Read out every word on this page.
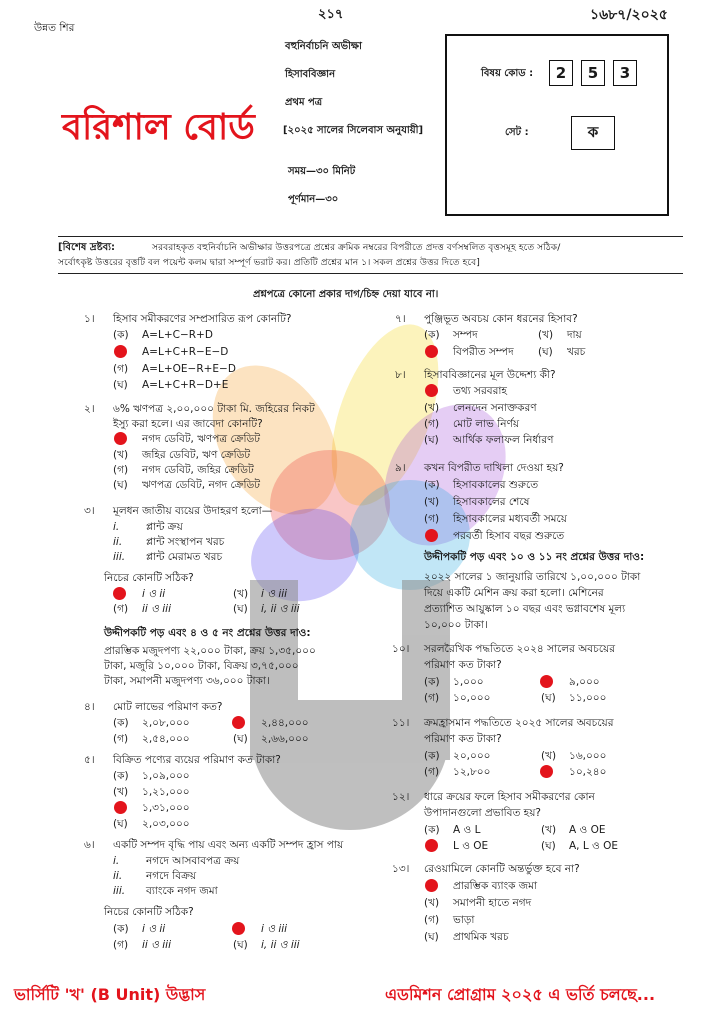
উন্নত শির
২১৭	১৬৮৭/২০২৫
বহুনির্বাচনি অভীক্ষা
হিসাববিজ্ঞান
প্রথম পত্র
[২০২৫ সালের সিলেবাস অনুযায়ী]
সময়—৩০ মিনিট
পূর্ণমান—৩০
বরিশাল বোর্ড
বিষয় কোড :	2	5	3
সেট :	ক
[বিশেষ দ্রষ্টব্য:	সরবরাহকৃত বহুনির্বাচনি অভীক্ষার উত্তরপত্রে প্রশ্নের ক্রমিক নম্বরের বিপরীতে প্রদত্ত বর্ণসম্বলিত বৃত্তসমূহ হতে সঠিক/
সর্বোৎকৃষ্ট উত্তরের বৃত্তটি বল পয়েন্ট কলম দ্বারা সম্পূর্ণ ভরাট কর। প্রতিটি প্রশ্নের মান ১। সকল প্রশ্নের উত্তর দিতে হবে]
প্রশ্নপত্রে কোনো প্রকার দাগ/চিহ্ন দেয়া যাবে না।
১। হিসাব সমীকরণের সম্প্রসারিত রূপ কোনটি?
(ক) A=L+C−R+D
A=L+C+R−E−D
(গ) A=L+OE−R+E−D
(ঘ) A=L+C+R−D+E
২। ৬% ঋণপত্র ২,০০,০০০ টাকা মি. জহিরের নিকট
ইস্যু করা হলে। এর জাবেদা কোনটি?
নগদ ডেবিট, ঋণপত্র ক্রেডিট
(খ) জহির ডেবিট, ঋণ ক্রেডিট
(গ) নগদ ডেবিট, জহির ক্রেডিট
(ঘ) ঋণপত্র ডেবিট, নগদ ক্রেডিট
৩। মূলধন জাতীয় ব্যয়ের উদাহরণ হলো—
i.	প্লান্ট ক্রয়
ii. প্লান্ট সংস্থাপন খরচ
iii. প্লান্ট মেরামত খরচ
নিচের কোনটি সঠিক?
i ও ii	(খ) i ও iii
(গ) ii ও iii	(ঘ) i, ii ও iii
উদ্দীপকটি পড় এবং ৪ ও ৫ নং প্রশ্নের উত্তর দাও:
প্রারম্ভিক মজুদপণ্য ২২,০০০ টাকা, ক্রয় ১,৩৫,০০০
টাকা, মজুরি ১০,০০০ টাকা, বিক্রয় ৩,৭৫,০০০
টাকা, সমাপনী মজুদপণ্য ৩৬,০০০ টাকা।
৪। মোট লাভের পরিমাণ কত?
(ক) ২,০৮,০০০	২,৪৪,০০০
(গ) ২,৫৪,০০০	(ঘ) ২,৬৬,০০০
৫। বিক্রিত পণ্যের ব্যয়ের পরিমাণ কত টাকা?
(ক) ১,০৯,০০০
(খ) ১,২১,০০০
১,৩১,০০০
(ঘ) ২,০৩,০০০
৬। একটি সম্পদ বৃদ্ধি পায় এবং অন্য একটি সম্পদ হ্রাস পায়
i.	নগদে আসবাবপত্র ক্রয়
ii. নগদে বিক্রয়
iii. ব্যাংকে নগদ জমা
নিচের কোনটি সঠিক?
(ক) i ও ii	i ও iii
(গ) ii ও iii	(ঘ) i, ii ও iii
৭। পুঞ্জিভূত অবচয় কোন ধরনের হিসাব?
(ক) সম্পদ	(খ) দায়
বিপরীত সম্পদ (ঘ) খরচ
৮। হিসাববিজ্ঞানের মূল উদ্দেশ্য কী?
তথ্য সরবরাহ
(খ) লেনদেন সনাক্তকরণ
(গ) মোট লাভ নির্ণয়
(ঘ) আর্থিক ফলাফল নির্ধারণ
৯। কখন বিপরীত দাখিলা দেওয়া হয়?
(ক) হিসাবকালের শুরুতে
(খ) হিসাবকালের শেষে
(গ) হিসাবকালের মধ্যবর্তী সময়ে
পরবর্তী হিসাব বছর শুরুতে
উদ্দীপকটি পড় এবং ১০ ও ১১ নং প্রশ্নের উত্তর দাও:
২০২২ সালের ১ জানুয়ারি তারিখে ১,০০,০০০ টাকা
দিয়ে একটি মেশিন ক্রয় করা হলো। মেশিনের
প্রত্যাশিত আয়ুষ্কাল ১০ বছর এবং ভগ্নাবশেষ মূল্য
১০,০০০ টাকা।
১০। সরলরৈখিক পদ্ধতিতে ২০২৪ সালের অবচয়ের
পরিমাণ কত টাকা?
(ক) ১,০০০	৯,০০০
(গ) ১০,০০০	(ঘ) ১১,০০০
১১। ক্রমহ্রাসমান পদ্ধতিতে ২০২৫ সালের অবচয়ের
পরিমাণ কত টাকা?
(ক) ২০,০০০	(খ) ১৬,০০০
(গ) ১২,৮০০	১০,২৪০
১২। ধারে ক্রয়ের ফলে হিসাব সমীকরণের কোন
উপাদানগুলো প্রভাবিত হয়?
(ক) A ও L	(খ) A ও OE
L ও OE	(ঘ) A, L ও OE
১৩। রেওয়ামিলে কোনটি অন্তর্ভুক্ত হবে না?
প্রারম্ভিক ব্যাংক জমা
(খ) সমাপনী হাতে নগদ
(গ) ভাড়া
(ঘ) প্রাথমিক খরচ
ভার্সিটি 'খ' (B Unit) উদ্ভাস	এডমিশন প্রোগ্রাম ২০২৫ এ ভর্তি চলছে...
